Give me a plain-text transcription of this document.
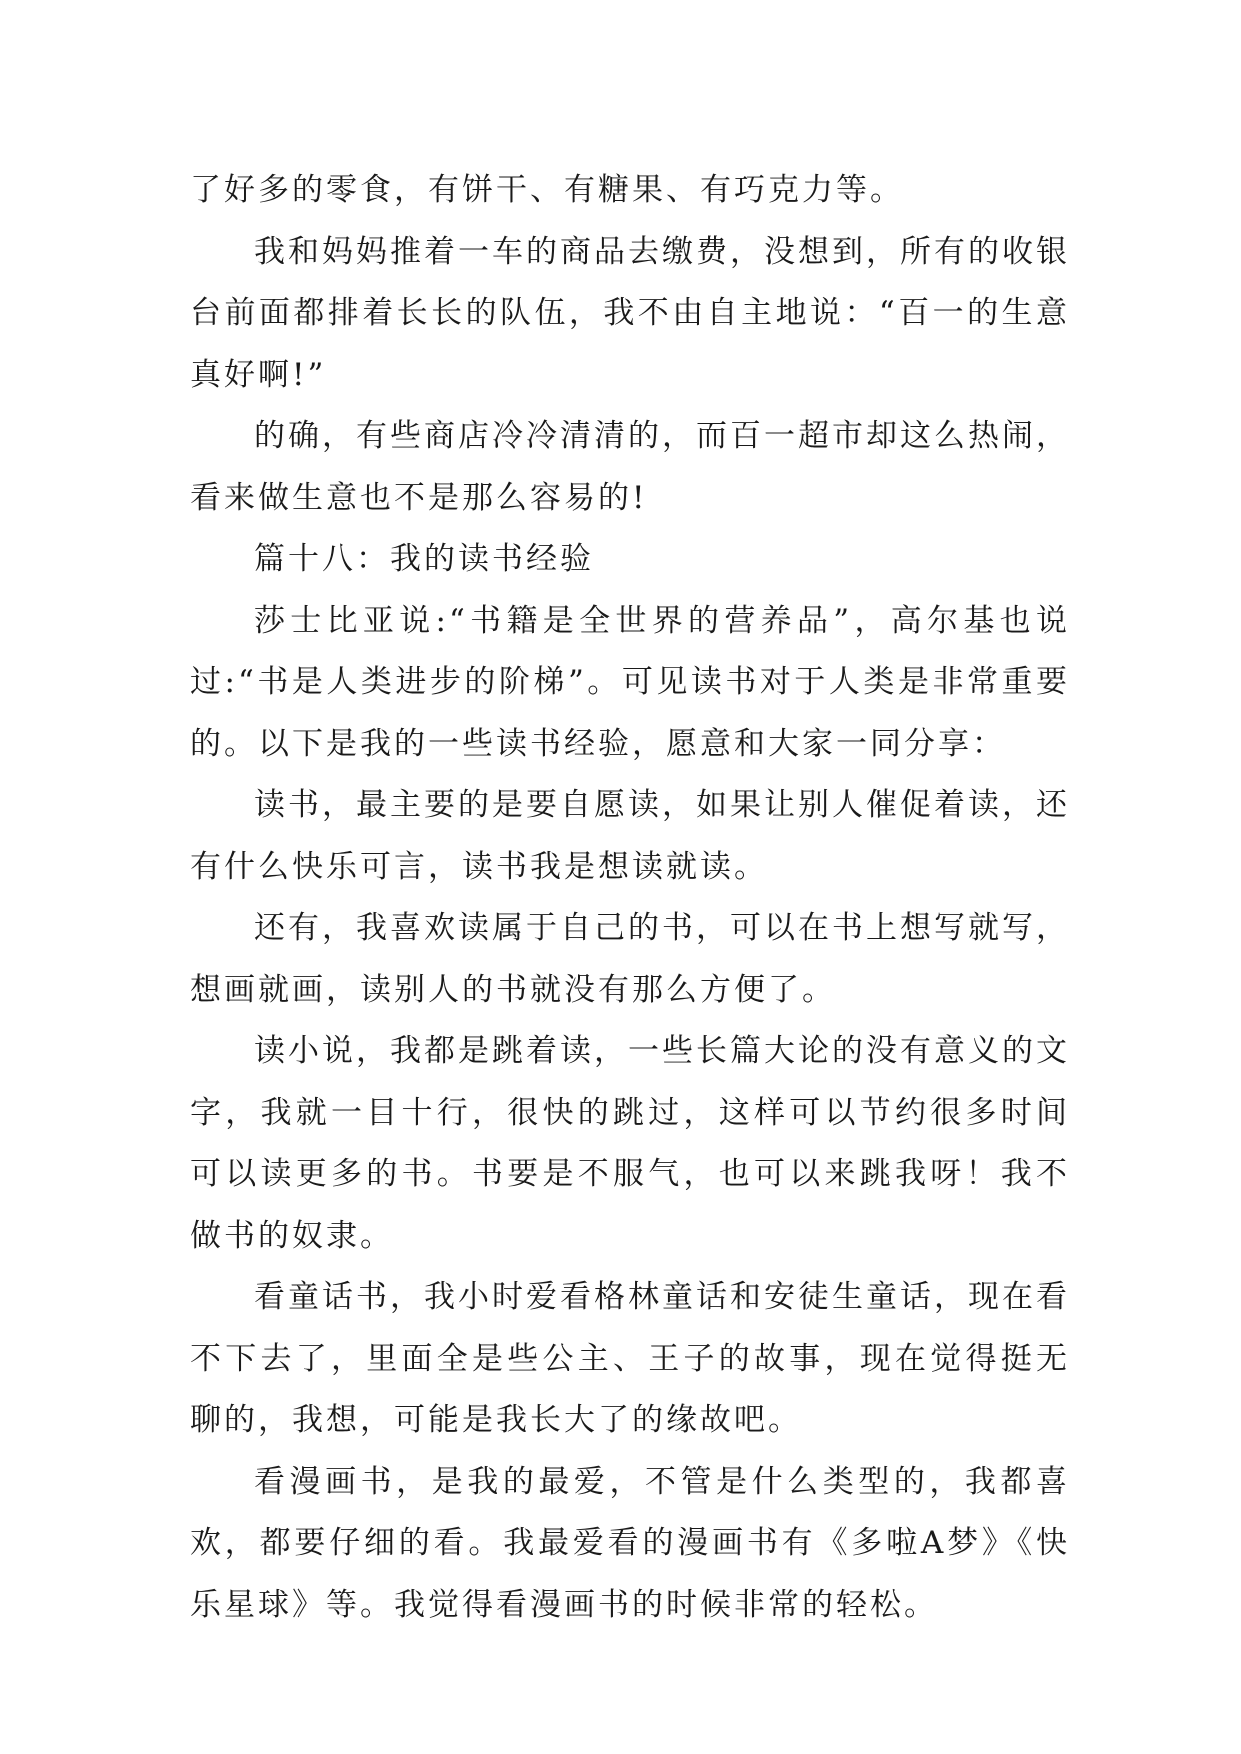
了好多的零食，有饼干、有糖果、有巧克力等。

我和妈妈推着一车的商品去缴费，没想到，所有的收银台前面都排着长长的队伍，我不由自主地说：“百一的生意真好啊!”

的确，有些商店冷冷清清的，而百一超市却这么热闹，看来做生意也不是那么容易的!

篇十八：我的读书经验

莎士比亚说:“书籍是全世界的营养品”，高尔基也说过:“书是人类进步的阶梯”。可见读书对于人类是非常重要的。以下是我的一些读书经验，愿意和大家一同分享：

读书，最主要的是要自愿读，如果让别人催促着读，还有什么快乐可言，读书我是想读就读。

还有，我喜欢读属于自己的书，可以在书上想写就写，想画就画，读别人的书就没有那么方便了。

读小说，我都是跳着读，一些长篇大论的没有意义的文字，我就一目十行，很快的跳过，这样可以节约很多时间可以读更多的书。书要是不服气，也可以来跳我呀！我不做书的奴隶。

看童话书，我小时爱看格林童话和安徒生童话，现在看不下去了，里面全是些公主、王子的故事，现在觉得挺无聊的，我想，可能是我长大了的缘故吧。

看漫画书，是我的最爱，不管是什么类型的，我都喜欢，都要仔细的看。我最爱看的漫画书有《多啦A梦》《快乐星球》等。我觉得看漫画书的时候非常的轻松。
